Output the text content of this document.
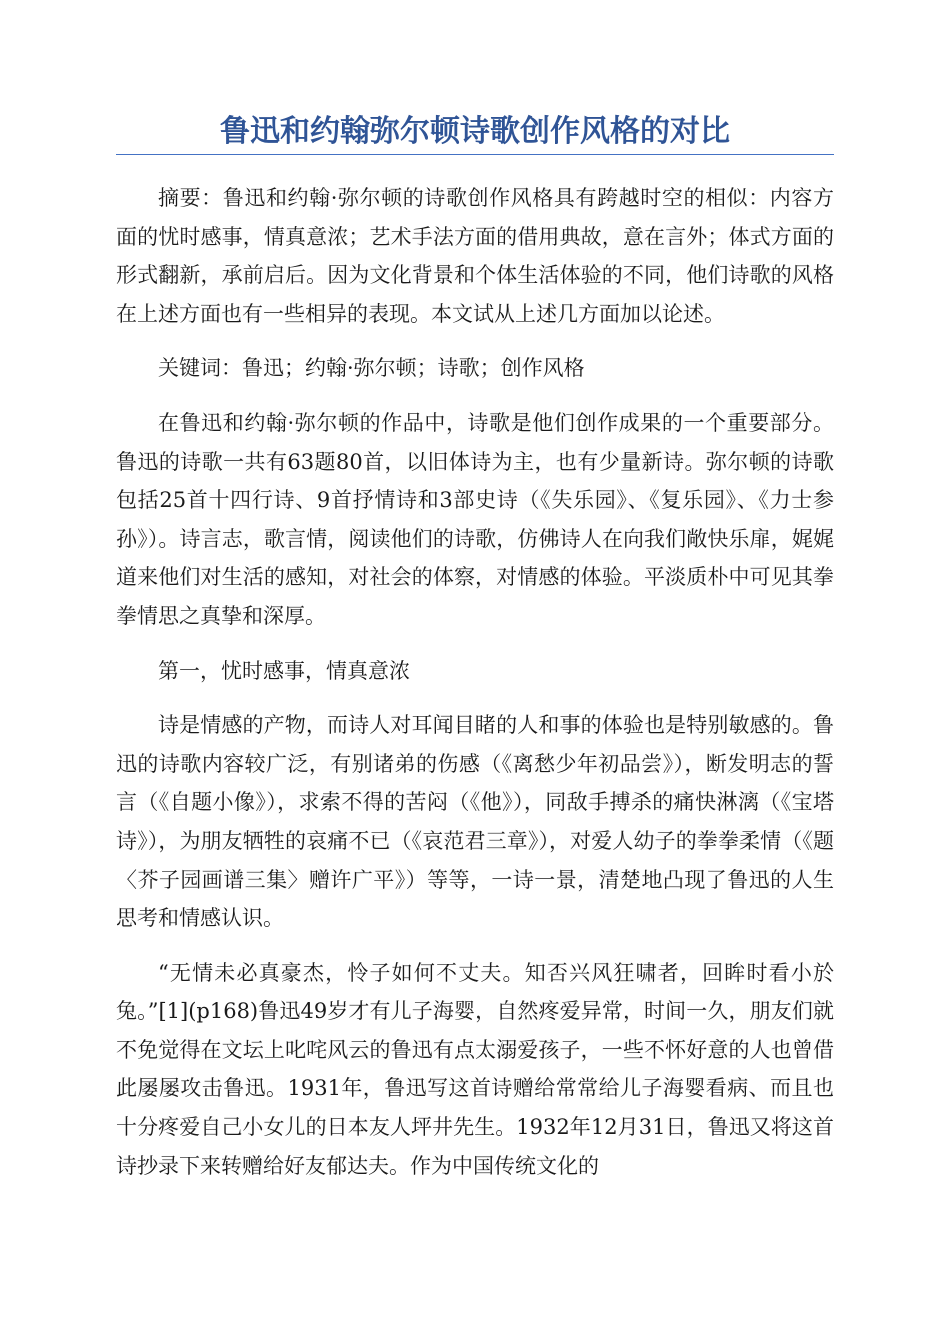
鲁迅和约翰弥尔顿诗歌创作风格的对比

摘要：鲁迅和约翰·弥尔顿的诗歌创作风格具有跨越时空的相似：内容方面的忧时感事，情真意浓；艺术手法方面的借用典故，意在言外；体式方面的形式翻新，承前启后。因为文化背景和个体生活体验的不同，他们诗歌的风格在上述方面也有一些相异的表现。本文试从上述几方面加以论述。

关键词：鲁迅；约翰·弥尔顿；诗歌；创作风格

在鲁迅和约翰·弥尔顿的作品中，诗歌是他们创作成果的一个重要部分。鲁迅的诗歌一共有63题80首，以旧体诗为主，也有少量新诗。弥尔顿的诗歌包括25首十四行诗、9首抒情诗和3部史诗（《失乐园》、《复乐园》、《力士参孙》）。诗言志，歌言情，阅读他们的诗歌，仿佛诗人在向我们敞快乐扉，娓娓道来他们对生活的感知，对社会的体察，对情感的体验。平淡质朴中可见其拳拳情思之真挚和深厚。

第一，忧时感事，情真意浓

诗是情感的产物，而诗人对耳闻目睹的人和事的体验也是特别敏感的。鲁迅的诗歌内容较广泛，有别诸弟的伤感（《离愁少年初品尝》），断发明志的誓言（《自题小像》），求索不得的苦闷（《他》），同敌手搏杀的痛快淋漓（《宝塔诗》），为朋友牺牲的哀痛不已（《哀范君三章》），对爱人幼子的拳拳柔情（《题〈芥子园画谱三集〉赠许广平》）等等，一诗一景，清楚地凸现了鲁迅的人生思考和情感认识。

“无情未必真豪杰，怜子如何不丈夫。知否兴风狂啸者，回眸时看小於兔。”[1](p168)鲁迅49岁才有儿子海婴，自然疼爱异常，时间一久，朋友们就不免觉得在文坛上叱咤风云的鲁迅有点太溺爱孩子，一些不怀好意的人也曾借此屡屡攻击鲁迅。1931年，鲁迅写这首诗赠给常常给儿子海婴看病、而且也十分疼爱自己小女儿的日本友人坪井先生。1932年12月31日，鲁迅又将这首诗抄录下来转赠给好友郁达夫。作为中国传统文化的
